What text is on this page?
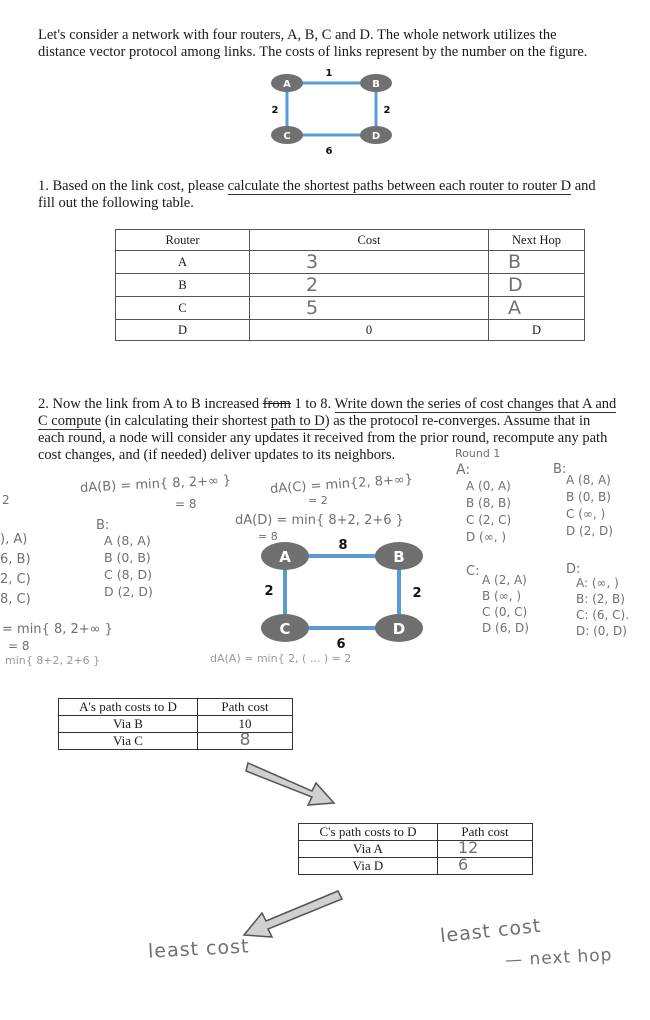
Let's consider a network with four routers, A, B, C and D. The whole network utilizes the
distance vector protocol among links. The costs of links represent by the number on the figure.
A	B
C	D
1
2	2
6
1. Based on the link cost, please calculate the shortest paths between each router to router D and
fill out the following table.
Router	Cost	Next Hop
A	3	B
B	2	D
C	5	A
D	0	D
2. Now the link from A to B increased from 1 to 8. Write down the series of cost changes that A and
C compute (in calculating their shortest path to D) as the protocol re-converges. Assume that in
each round, a node will consider any updates it received from the prior round, recompute any path
cost changes, and (if needed) deliver updates to its neighbors.	Round 1
dA(B) = min{ 8, 2+∞ }
= 8
dA(C) = min{2, 8+∞}
= 2
dA(D) = min{ 8+2, 2+6 }
= 8
2
), A)
6, B)
2, C)
8, C)
= min{ 8, 2+∞ }
= 8
min{ 8+2, 2+6 }	dA(A) = min{ 2, ( ... ) = 2
B:
A (8, A)
B (0, B)
C (8, D)
D (2, D)
A	B
C	D
8
2	2
6
A:
A (0, A)
B (8, B)
C (2, C)
D (∞, )
B:
A (8, A)
B (0, B)
C (∞, )
D (2, D)
C:
A (2, A)
B (∞, )
C (0, C)
D (6, D)
D:
A: (∞, )
B: (2, B)
C: (6, C).
D: (0, D)
A's path costs to D	Path cost
Via B	10
Via C	8
C's path costs to D	Path cost
Via A	12
Via D	6
least cost
least cost
— next hop
